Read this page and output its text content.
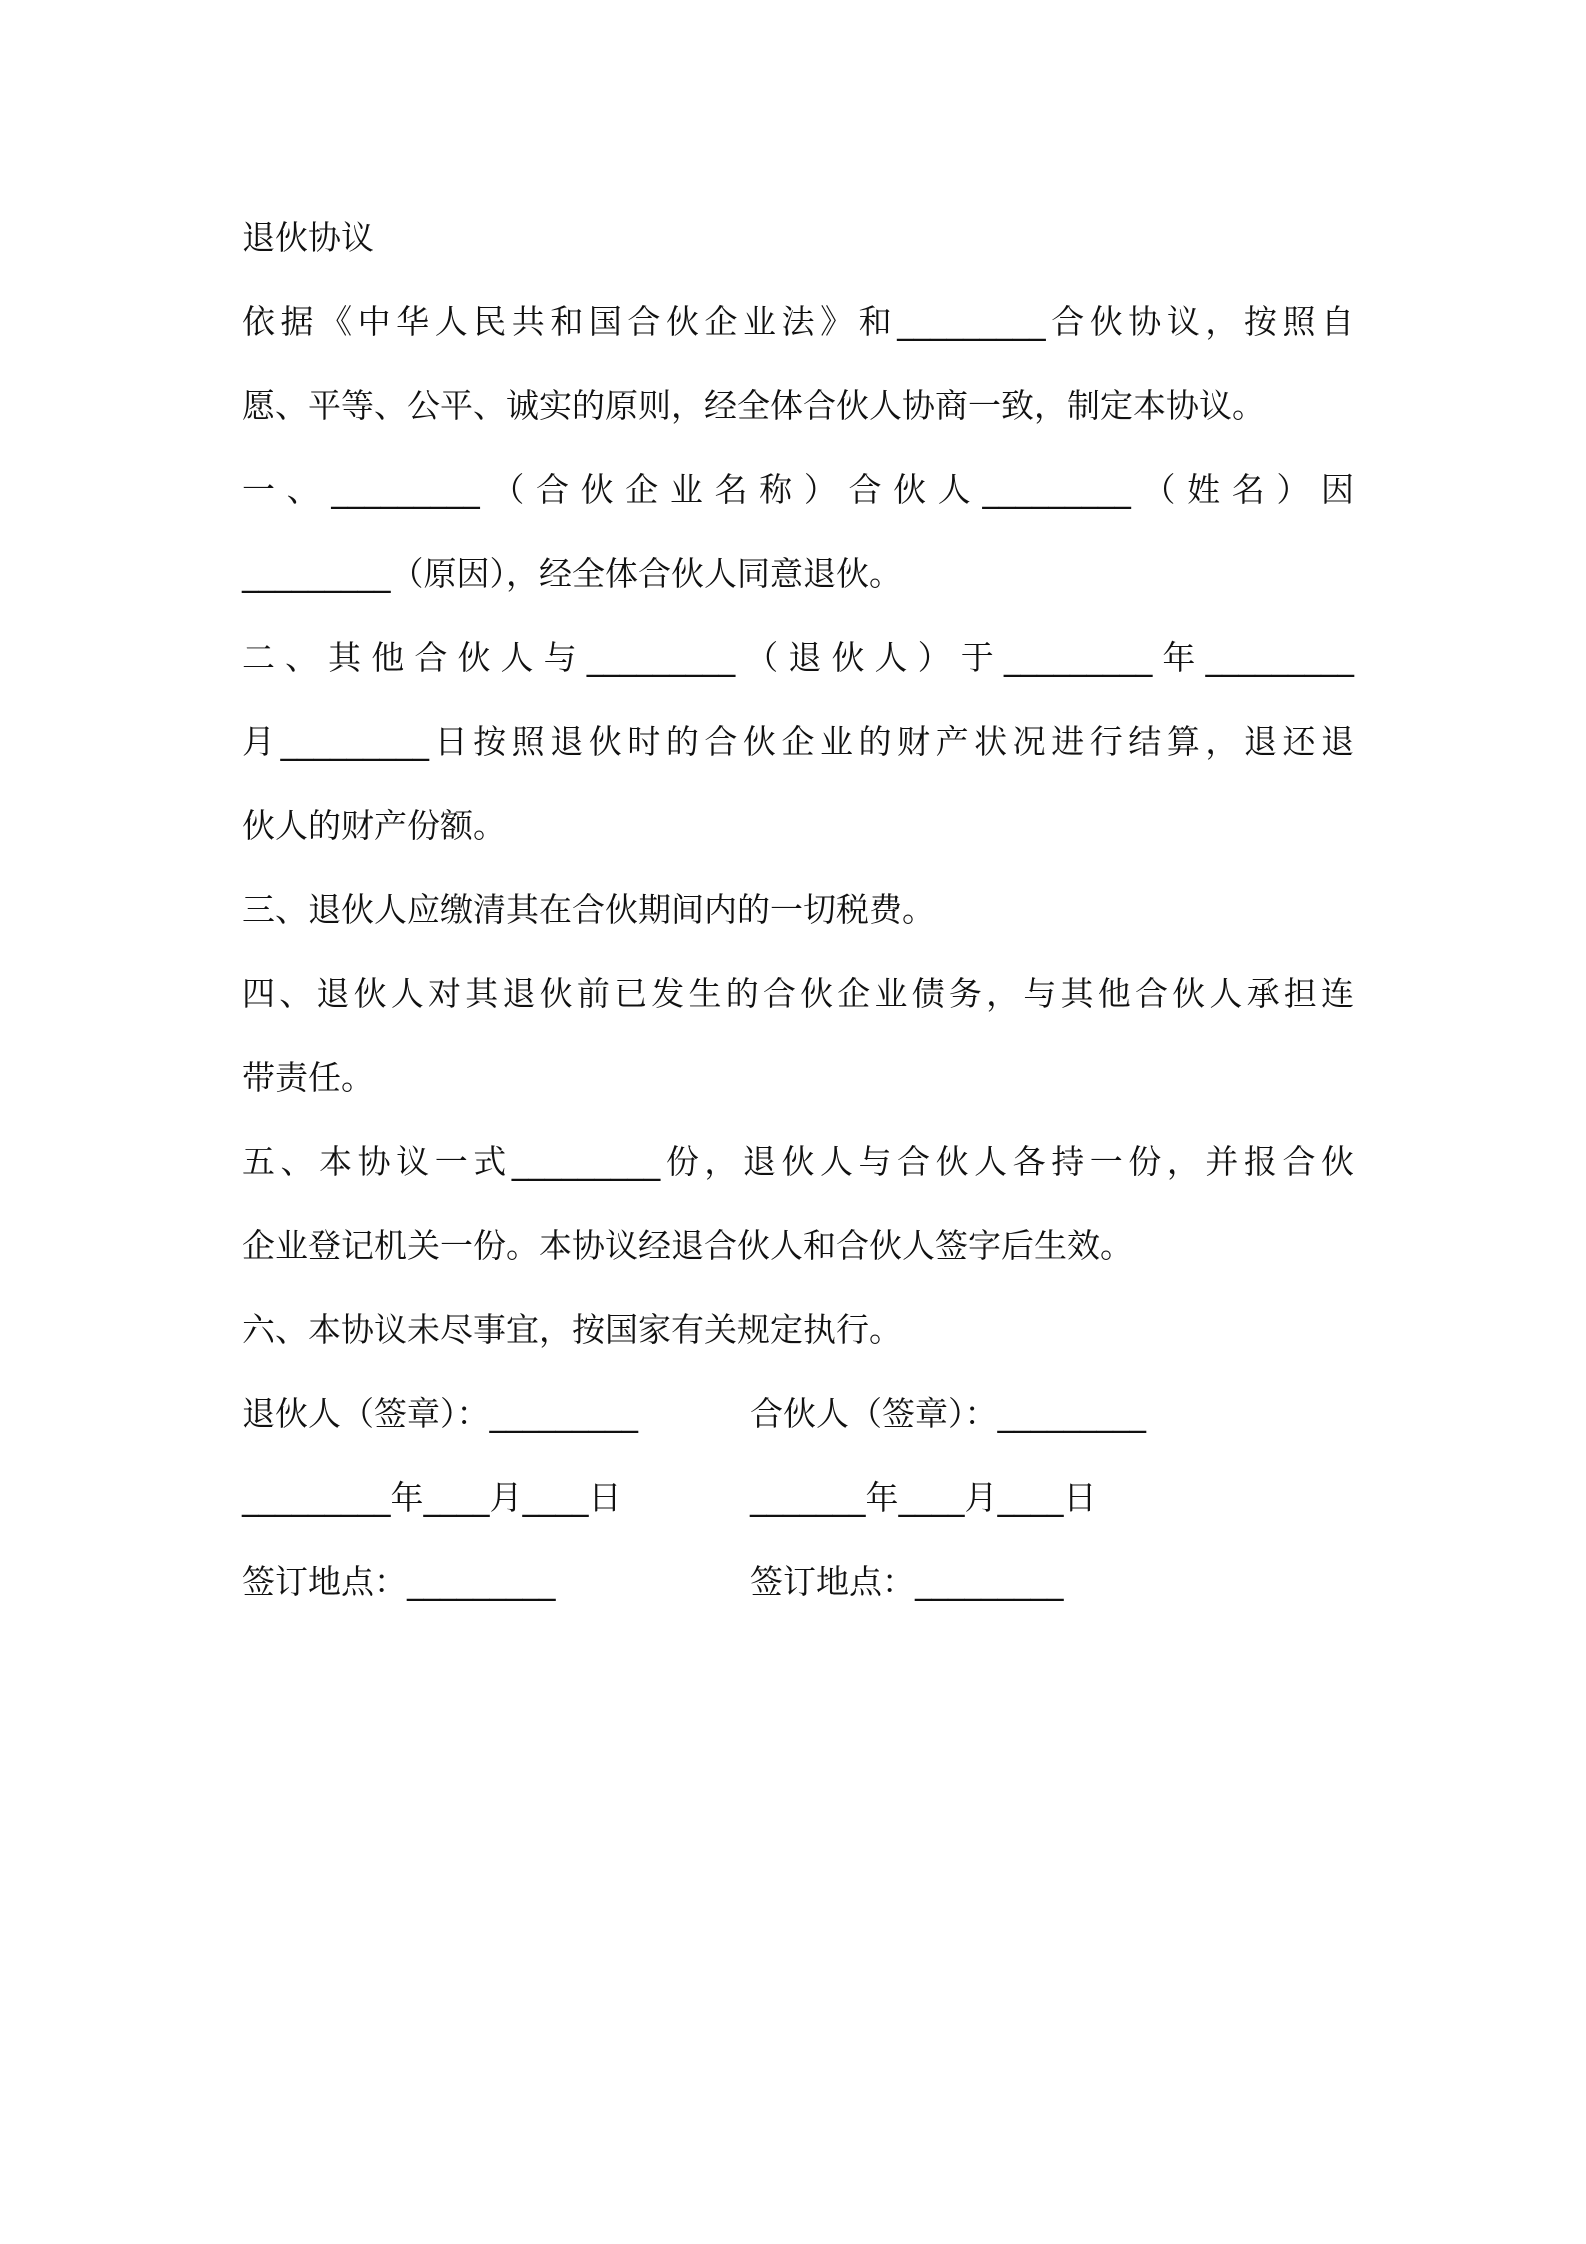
退伙协议
依据《中华人民共和国合伙企业法》和_________合伙协议，按照自
愿、平等、公平、诚实的原则，经全体合伙人协商一致，制定本协议。
一、_________（合伙企业名称）合伙人_________（姓名）因
_________（原因），经全体合伙人同意退伙。
二、其他合伙人与_________（退伙人）于_________年_________
月_________日按照退伙时的合伙企业的财产状况进行结算，退还退
伙人的财产份额。
三、退伙人应缴清其在合伙期间内的一切税费。
四、退伙人对其退伙前已发生的合伙企业债务，与其他合伙人承担连
带责任。
五、本协议一式_________份，退伙人与合伙人各持一份，并报合伙
企业登记机关一份。本协议经退合伙人和合伙人签字后生效。
六、本协议未尽事宜，按国家有关规定执行。
退伙人（签章）：_________	合伙人（签章）：_________
_________年____月____日	_______年____月____日
签订地点：_________	签订地点：_________
